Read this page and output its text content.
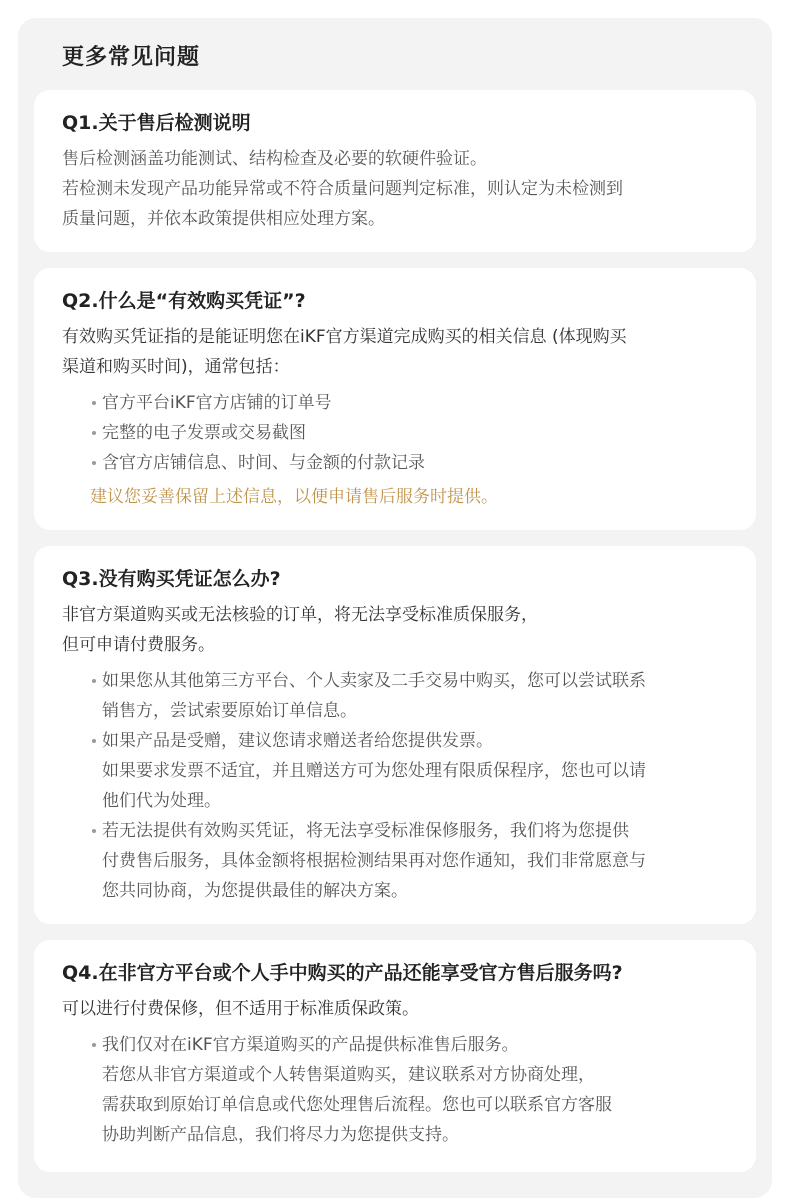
更多常见问题
Q1.关于售后检测说明
售后检测涵盖功能测试、结构检查及必要的软硬件验证。
若检测未发现产品功能异常或不符合质量问题判定标准，则认定为未检测到
质量问题，并依本政策提供相应处理方案。
Q2.什么是“有效购买凭证”?
有效购买凭证指的是能证明您在iKF官方渠道完成购买的相关信息 (体现购买
渠道和购买时间)，通常包括：
官方平台iKF官方店铺的订单号
完整的电子发票或交易截图
含官方店铺信息、时间、与金额的付款记录
建议您妥善保留上述信息，以便申请售后服务时提供。
Q3.没有购买凭证怎么办?
非官方渠道购买或无法核验的订单，将无法享受标准质保服务，
但可申请付费服务。
如果您从其他第三方平台、个人卖家及二手交易中购买，您可以尝试联系
销售方，尝试索要原始订单信息。
如果产品是受赠，建议您请求赠送者给您提供发票。
如果要求发票不适宜，并且赠送方可为您处理有限质保程序，您也可以请
他们代为处理。
若无法提供有效购买凭证，将无法享受标准保修服务，我们将为您提供
付费售后服务，具体金额将根据检测结果再对您作通知，我们非常愿意与
您共同协商，为您提供最佳的解决方案。
Q4.在非官方平台或个人手中购买的产品还能享受官方售后服务吗?
可以进行付费保修，但不适用于标准质保政策。
我们仅对在iKF官方渠道购买的产品提供标准售后服务。
若您从非官方渠道或个人转售渠道购买，建议联系对方协商处理，
需获取到原始订单信息或代您处理售后流程。您也可以联系官方客服
协助判断产品信息，我们将尽力为您提供支持。
